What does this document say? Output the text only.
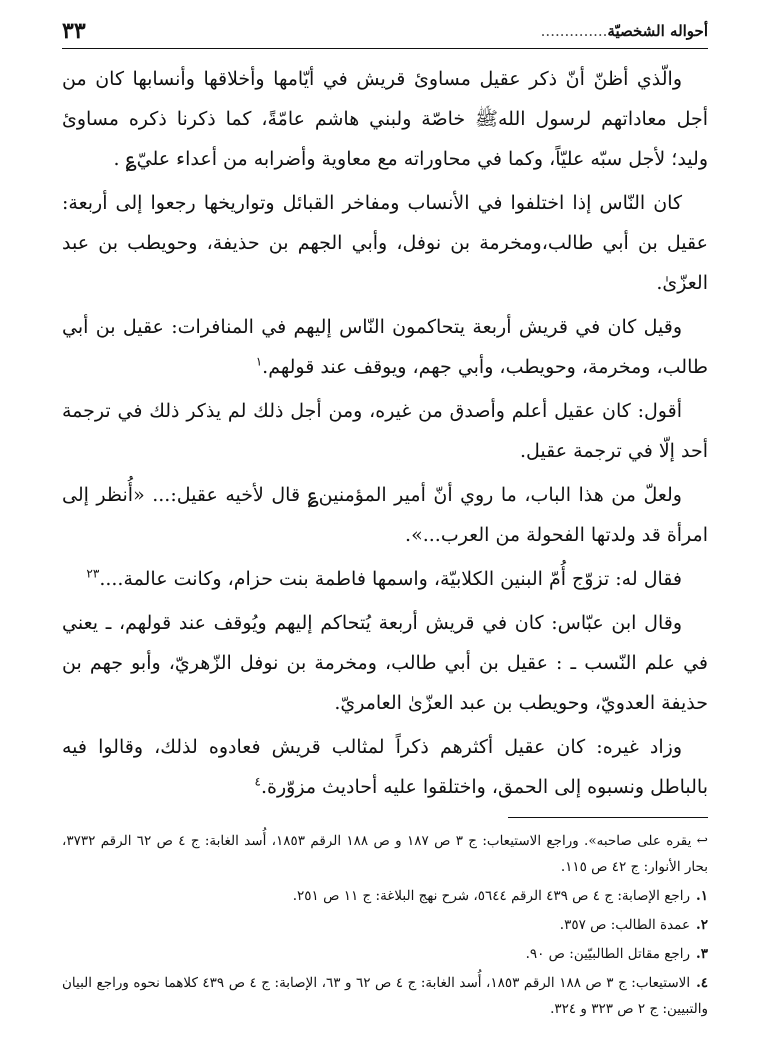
أحواله الشخصيّة..............
٣٣

والّذي أظنّ أنّ ذكر عقيل مساوئ قريش في أيّامها وأخلاقها وأنسابها كان من أجل معاداتهم لرسول اللهﷺ خاصّة ولبني هاشم عامّةً، كما ذكرنا ذكره مساوئ وليد؛ لأجل سبّه عليّاً، وكما في محاوراته مع معاوية وأضرابه من أعداء عليّ؏ .

كان النّاس إذا اختلفوا في الأنساب ومفاخر القبائل وتواريخها رجعوا إلى أربعة: عقيل بن أبي طالب،ومخرمة بن نوفل، وأبي الجهم بن حذيفة، وحويطب بن عبد العزّىٰ.

وقيل كان في قريش أربعة يتحاكمون النّاس إليهم في المنافرات: عقيل بن أبي طالب، ومخرمة، وحويطب، وأبي جهم، ويوقف عند قولهم.$^١$

أقول: كان عقيل أعلم وأصدق من غيره، ومن أجل ذلك لم يذكر ذلك في ترجمة أحد إلّا في ترجمة عقيل.

ولعلّ من هذا الباب، ما روي أنّ أمير المؤمنين؏ قال لأخيه عقيل:... «أُنظر إلى امرأة قد ولدتها الفحولة من العرب...».

فقال له: تزوّج أُمّ البنين الكلابيّة، واسمها فاطمة بنت حزام، وكانت عالمة....$^{٢٣}$

وقال ابن عبّاس: كان في قريش أربعة يُتحاكم إليهم ويُوقف عند قولهم، ـ يعني في علم النّسب ـ : عقيل بن أبي طالب، ومخرمة بن نوفل الزّهريّ، وأبو جهم بن حذيفة العدويّ، وحويطب بن عبد العزّىٰ العامريّ.

وزاد غيره: كان عقيل أكثرهم ذكراً لمثالب قريش فعادوه لذلك، وقالوا فيه بالباطل ونسبوه إلى الحمق، واختلقوا عليه أحاديث مزوّرة.$^٤$

↩ يقره على صاحبه». وراجع الاستيعاب: ج ٣ ص ١٨٧ و ص ١٨٨ الرقم ١٨٥٣، أُسد الغابة: ج ٤ ص ٦٢ الرقم ٣٧٣٢، بحار الأنوار: ج ٤٢ ص ١١٥.

١.راجع الإصابة: ج ٤ ص ٤٣٩ الرقم ٥٦٤٤، شرح نهج البلاغة: ج ١١ ص ٢٥١.

٢.عمدة الطالب: ص ٣٥٧.

٣.راجع مقاتل الطالبيّين: ص ٩٠.

٤.الاستيعاب: ج ٣ ص ١٨٨ الرقم ١٨٥٣، أُسد الغابة: ج ٤ ص ٦٢ و ٦٣، الإصابة: ج ٤ ص ٤٣٩ كلاهما نحوه وراجع البيان والتبيين: ج ٢ ص ٣٢٣ و ٣٢٤.
